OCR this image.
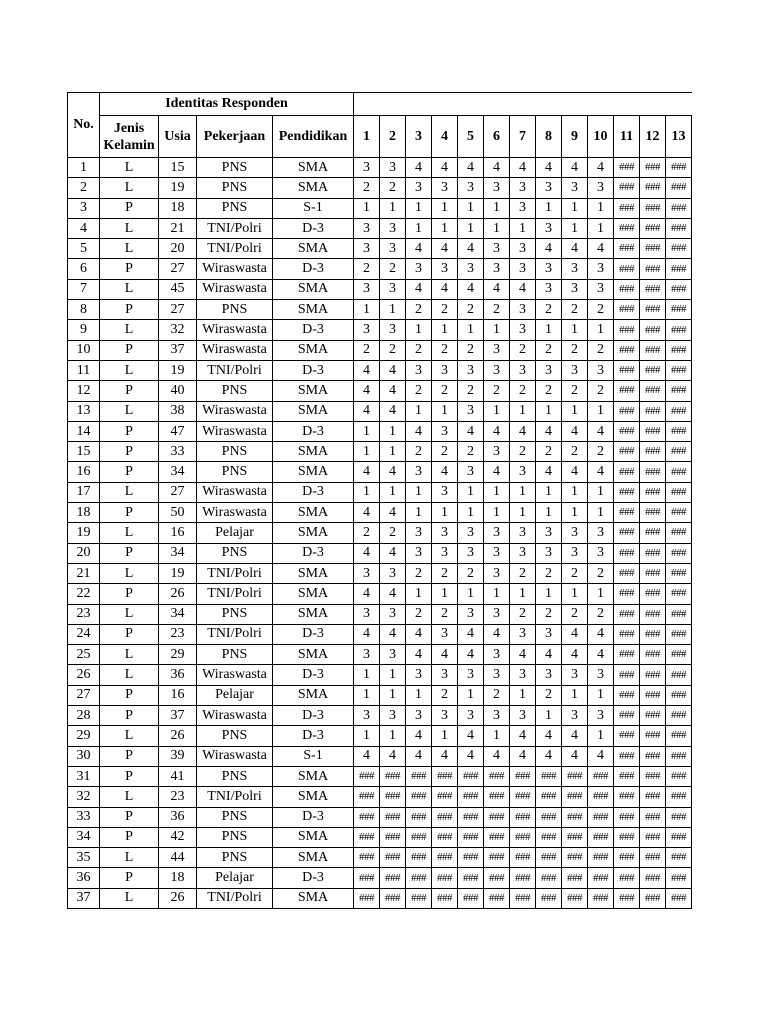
No.	Identitas Responden																
	Jenis Kelamin	Usia	Pekerjaan	Pendidikan	1	2	3	4	5	6	7	8	9	10	11	12	13
1	L	15	PNS	SMA	3	3	4	4	4	4	4	4	4	4	###	###	###
2	L	19	PNS	SMA	2	2	3	3	3	3	3	3	3	3	###	###	###
3	P	18	PNS	S-1	1	1	1	1	1	1	3	1	1	1	###	###	###
4	L	21	TNI/Polri	D-3	3	3	1	1	1	1	1	3	1	1	###	###	###
5	L	20	TNI/Polri	SMA	3	3	4	4	4	3	3	4	4	4	###	###	###
6	P	27	Wiraswasta	D-3	2	2	3	3	3	3	3	3	3	3	###	###	###
7	L	45	Wiraswasta	SMA	3	3	4	4	4	4	4	3	3	3	###	###	###
8	P	27	PNS	SMA	1	1	2	2	2	2	3	2	2	2	###	###	###
9	L	32	Wiraswasta	D-3	3	3	1	1	1	1	3	1	1	1	###	###	###
10	P	37	Wiraswasta	SMA	2	2	2	2	2	3	2	2	2	2	###	###	###
11	L	19	TNI/Polri	D-3	4	4	3	3	3	3	3	3	3	3	###	###	###
12	P	40	PNS	SMA	4	4	2	2	2	2	2	2	2	2	###	###	###
13	L	38	Wiraswasta	SMA	4	4	1	1	3	1	1	1	1	1	###	###	###
14	P	47	Wiraswasta	D-3	1	1	4	3	4	4	4	4	4	4	###	###	###
15	P	33	PNS	SMA	1	1	2	2	2	3	2	2	2	2	###	###	###
16	P	34	PNS	SMA	4	4	3	4	3	4	3	4	4	4	###	###	###
17	L	27	Wiraswasta	D-3	1	1	1	3	1	1	1	1	1	1	###	###	###
18	P	50	Wiraswasta	SMA	4	4	1	1	1	1	1	1	1	1	###	###	###
19	L	16	Pelajar	SMA	2	2	3	3	3	3	3	3	3	3	###	###	###
20	P	34	PNS	D-3	4	4	3	3	3	3	3	3	3	3	###	###	###
21	L	19	TNI/Polri	SMA	3	3	2	2	2	3	2	2	2	2	###	###	###
22	P	26	TNI/Polri	SMA	4	4	1	1	1	1	1	1	1	1	###	###	###
23	L	34	PNS	SMA	3	3	2	2	3	3	2	2	2	2	###	###	###
24	P	23	TNI/Polri	D-3	4	4	4	3	4	4	3	3	4	4	###	###	###
25	L	29	PNS	SMA	3	3	4	4	4	3	4	4	4	4	###	###	###
26	L	36	Wiraswasta	D-3	1	1	3	3	3	3	3	3	3	3	###	###	###
27	P	16	Pelajar	SMA	1	1	1	2	1	2	1	2	1	1	###	###	###
28	P	37	Wiraswasta	D-3	3	3	3	3	3	3	3	1	3	3	###	###	###
29	L	26	PNS	D-3	1	1	4	1	4	1	4	4	4	1	###	###	###
30	P	39	Wiraswasta	S-1	4	4	4	4	4	4	4	4	4	4	###	###	###
31	P	41	PNS	SMA	###	###	###	###	###	###	###	###	###	###	###	###	###
32	L	23	TNI/Polri	SMA	###	###	###	###	###	###	###	###	###	###	###	###	###
33	P	36	PNS	D-3	###	###	###	###	###	###	###	###	###	###	###	###	###
34	P	42	PNS	SMA	###	###	###	###	###	###	###	###	###	###	###	###	###
35	L	44	PNS	SMA	###	###	###	###	###	###	###	###	###	###	###	###	###
36	P	18	Pelajar	D-3	###	###	###	###	###	###	###	###	###	###	###	###	###
37	L	26	TNI/Polri	SMA	###	###	###	###	###	###	###	###	###	###	###	###	###
